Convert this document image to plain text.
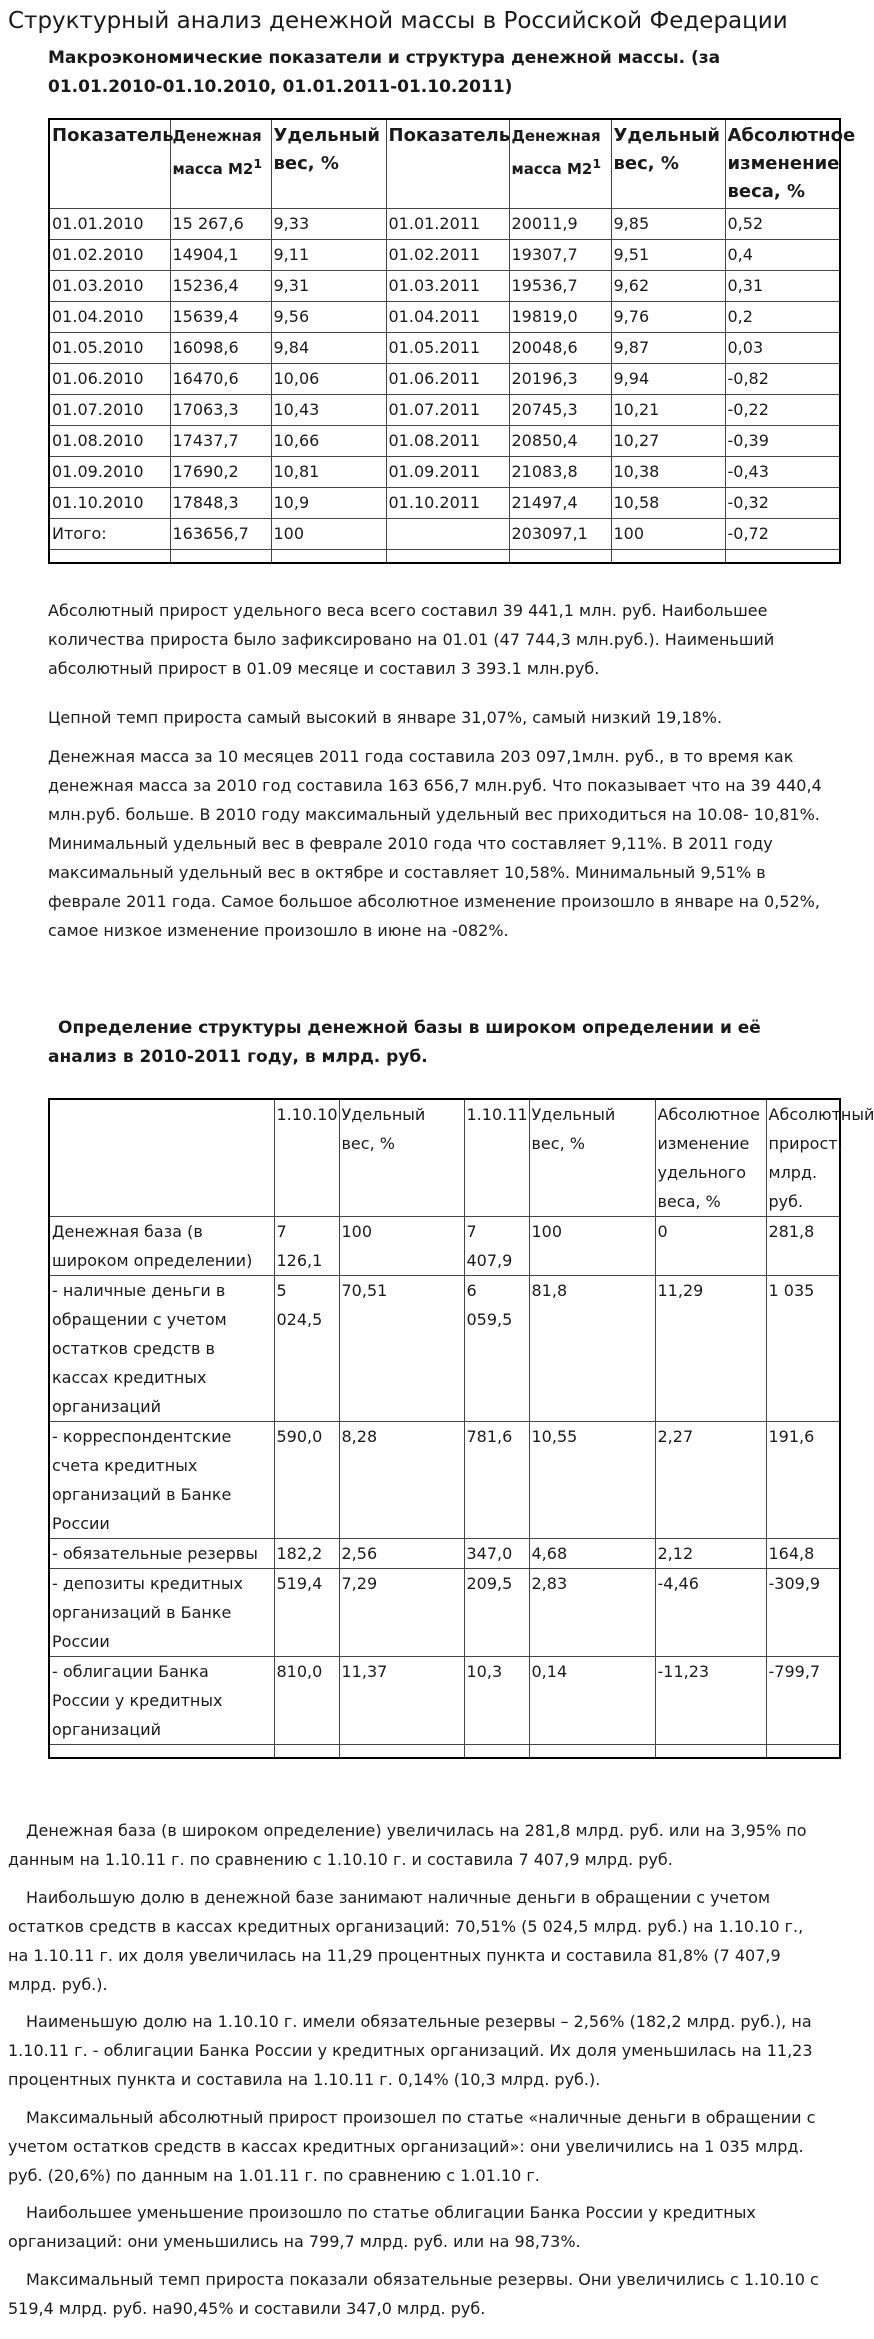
Структурный анализ денежной массы в Российской Федерации
Макроэкономические показатели и структура денежной массы. (за 01.01.2010-01.10.2010, 01.01.2011-01.10.2011)
Показатель	Денежная масса $М2^1$	Удельный вес, %	Показатель	Денежная масса $М2^1$	Удельный вес, %	Абсолютное изменение веса, %
01.01.2010	15 267,6	9,33	01.01.2011	20011,9	9,85	0,52
01.02.2010	14904,1	9,11	01.02.2011	19307,7	9,51	0,4
01.03.2010	15236,4	9,31	01.03.2011	19536,7	9,62	0,31
01.04.2010	15639,4	9,56	01.04.2011	19819,0	9,76	0,2
01.05.2010	16098,6	9,84	01.05.2011	20048,6	9,87	0,03
01.06.2010	16470,6	10,06	01.06.2011	20196,3	9,94	-0,82
01.07.2010	17063,3	10,43	01.07.2011	20745,3	10,21	-0,22
01.08.2010	17437,7	10,66	01.08.2011	20850,4	10,27	-0,39
01.09.2010	17690,2	10,81	01.09.2011	21083,8	10,38	-0,43
01.10.2010	17848,3	10,9	01.10.2011	21497,4	10,58	-0,32
Итого:	163656,7	100		203097,1	100	-0,72

Абсолютный прирост удельного веса всего составил 39 441,1 млн. руб. Наибольшее количества прироста было зафиксировано на 01.01 (47 744,3 млн.руб.). Наименьший абсолютный прирост в 01.09 месяце и составил 3 393.1 млн.руб.

Цепной темп прироста самый высокий в январе 31,07%, самый низкий 19,18%.

Денежная масса за 10 месяцев 2011 года составила 203 097,1млн. руб., в то время как денежная масса за 2010 год составила 163 656,7 млн.руб. Что показывает что на 39 440,4 млн.руб. больше. В 2010 году максимальный удельный вес приходиться на 10.08- 10,81%. Минимальный удельный вес в феврале 2010 года что составляет 9,11%. В 2011 году максимальный удельный вес в октябре и составляет 10,58%. Минимальный 9,51% в феврале 2011 года. Самое большое абсолютное изменение произошло в январе на 0,52%, самое низкое изменение произошло в июне на -082%.

Определение структуры денежной базы в широком определении и её анализ в 2010-2011 году, в млрд. руб.
	1.10.10	Удельный вес, %	1.10.11	Удельный вес, %	Абсолютное изменение удельного веса, %	Абсолютный прирост, млрд. руб.
Денежная база (в широком определении)	7 126,1	100	7 407,9	100	0	281,8
- наличные деньги в обращении с учетом остатков средств в кассах кредитных организаций	5 024,5	70,51	6 059,5	81,8	11,29	1 035
- корреспондентские счета кредитных организаций в Банке России	590,0	8,28	781,6	10,55	2,27	191,6
- обязательные резервы	182,2	2,56	347,0	4,68	2,12	164,8
- депозиты кредитных организаций в Банке России	519,4	7,29	209,5	2,83	-4,46	-309,9
- облигации Банка России у кредитных организаций	810,0	11,37	10,3	0,14	-11,23	-799,7

Денежная база (в широком определение) увеличилась на 281,8 млрд. руб. или на 3,95% по данным на 1.10.11 г. по сравнению с 1.10.10 г. и составила 7 407,9 млрд. руб.

Наибольшую долю в денежной базе занимают наличные деньги в обращении с учетом остатков средств в кассах кредитных организаций: 70,51% (5 024,5 млрд. руб.) на 1.10.10 г., на 1.10.11 г. их доля увеличилась на 11,29 процентных пункта и составила 81,8% (7 407,9 млрд. руб.).

Наименьшую долю на 1.10.10 г. имели обязательные резервы – 2,56% (182,2 млрд. руб.), на 1.10.11 г. - облигации Банка России у кредитных организаций. Их доля уменьшилась на 11,23 процентных пункта и составила на 1.10.11 г. 0,14% (10,3 млрд. руб.).

Максимальный абсолютный прирост произошел по статье «наличные деньги в обращении с учетом остатков средств в кассах кредитных организаций»: они увеличились на 1 035 млрд. руб. (20,6%) по данным на 1.01.11 г. по сравнению с 1.01.10 г.

Наибольшее уменьшение произошло по статье облигации Банка России у кредитных организаций: они уменьшились на 799,7 млрд. руб. или на 98,73%.

Максимальный темп прироста показали обязательные резервы. Они увеличились с 1.10.10 с 519,4 млрд. руб. на90,45% и составили 347,0 млрд. руб.
